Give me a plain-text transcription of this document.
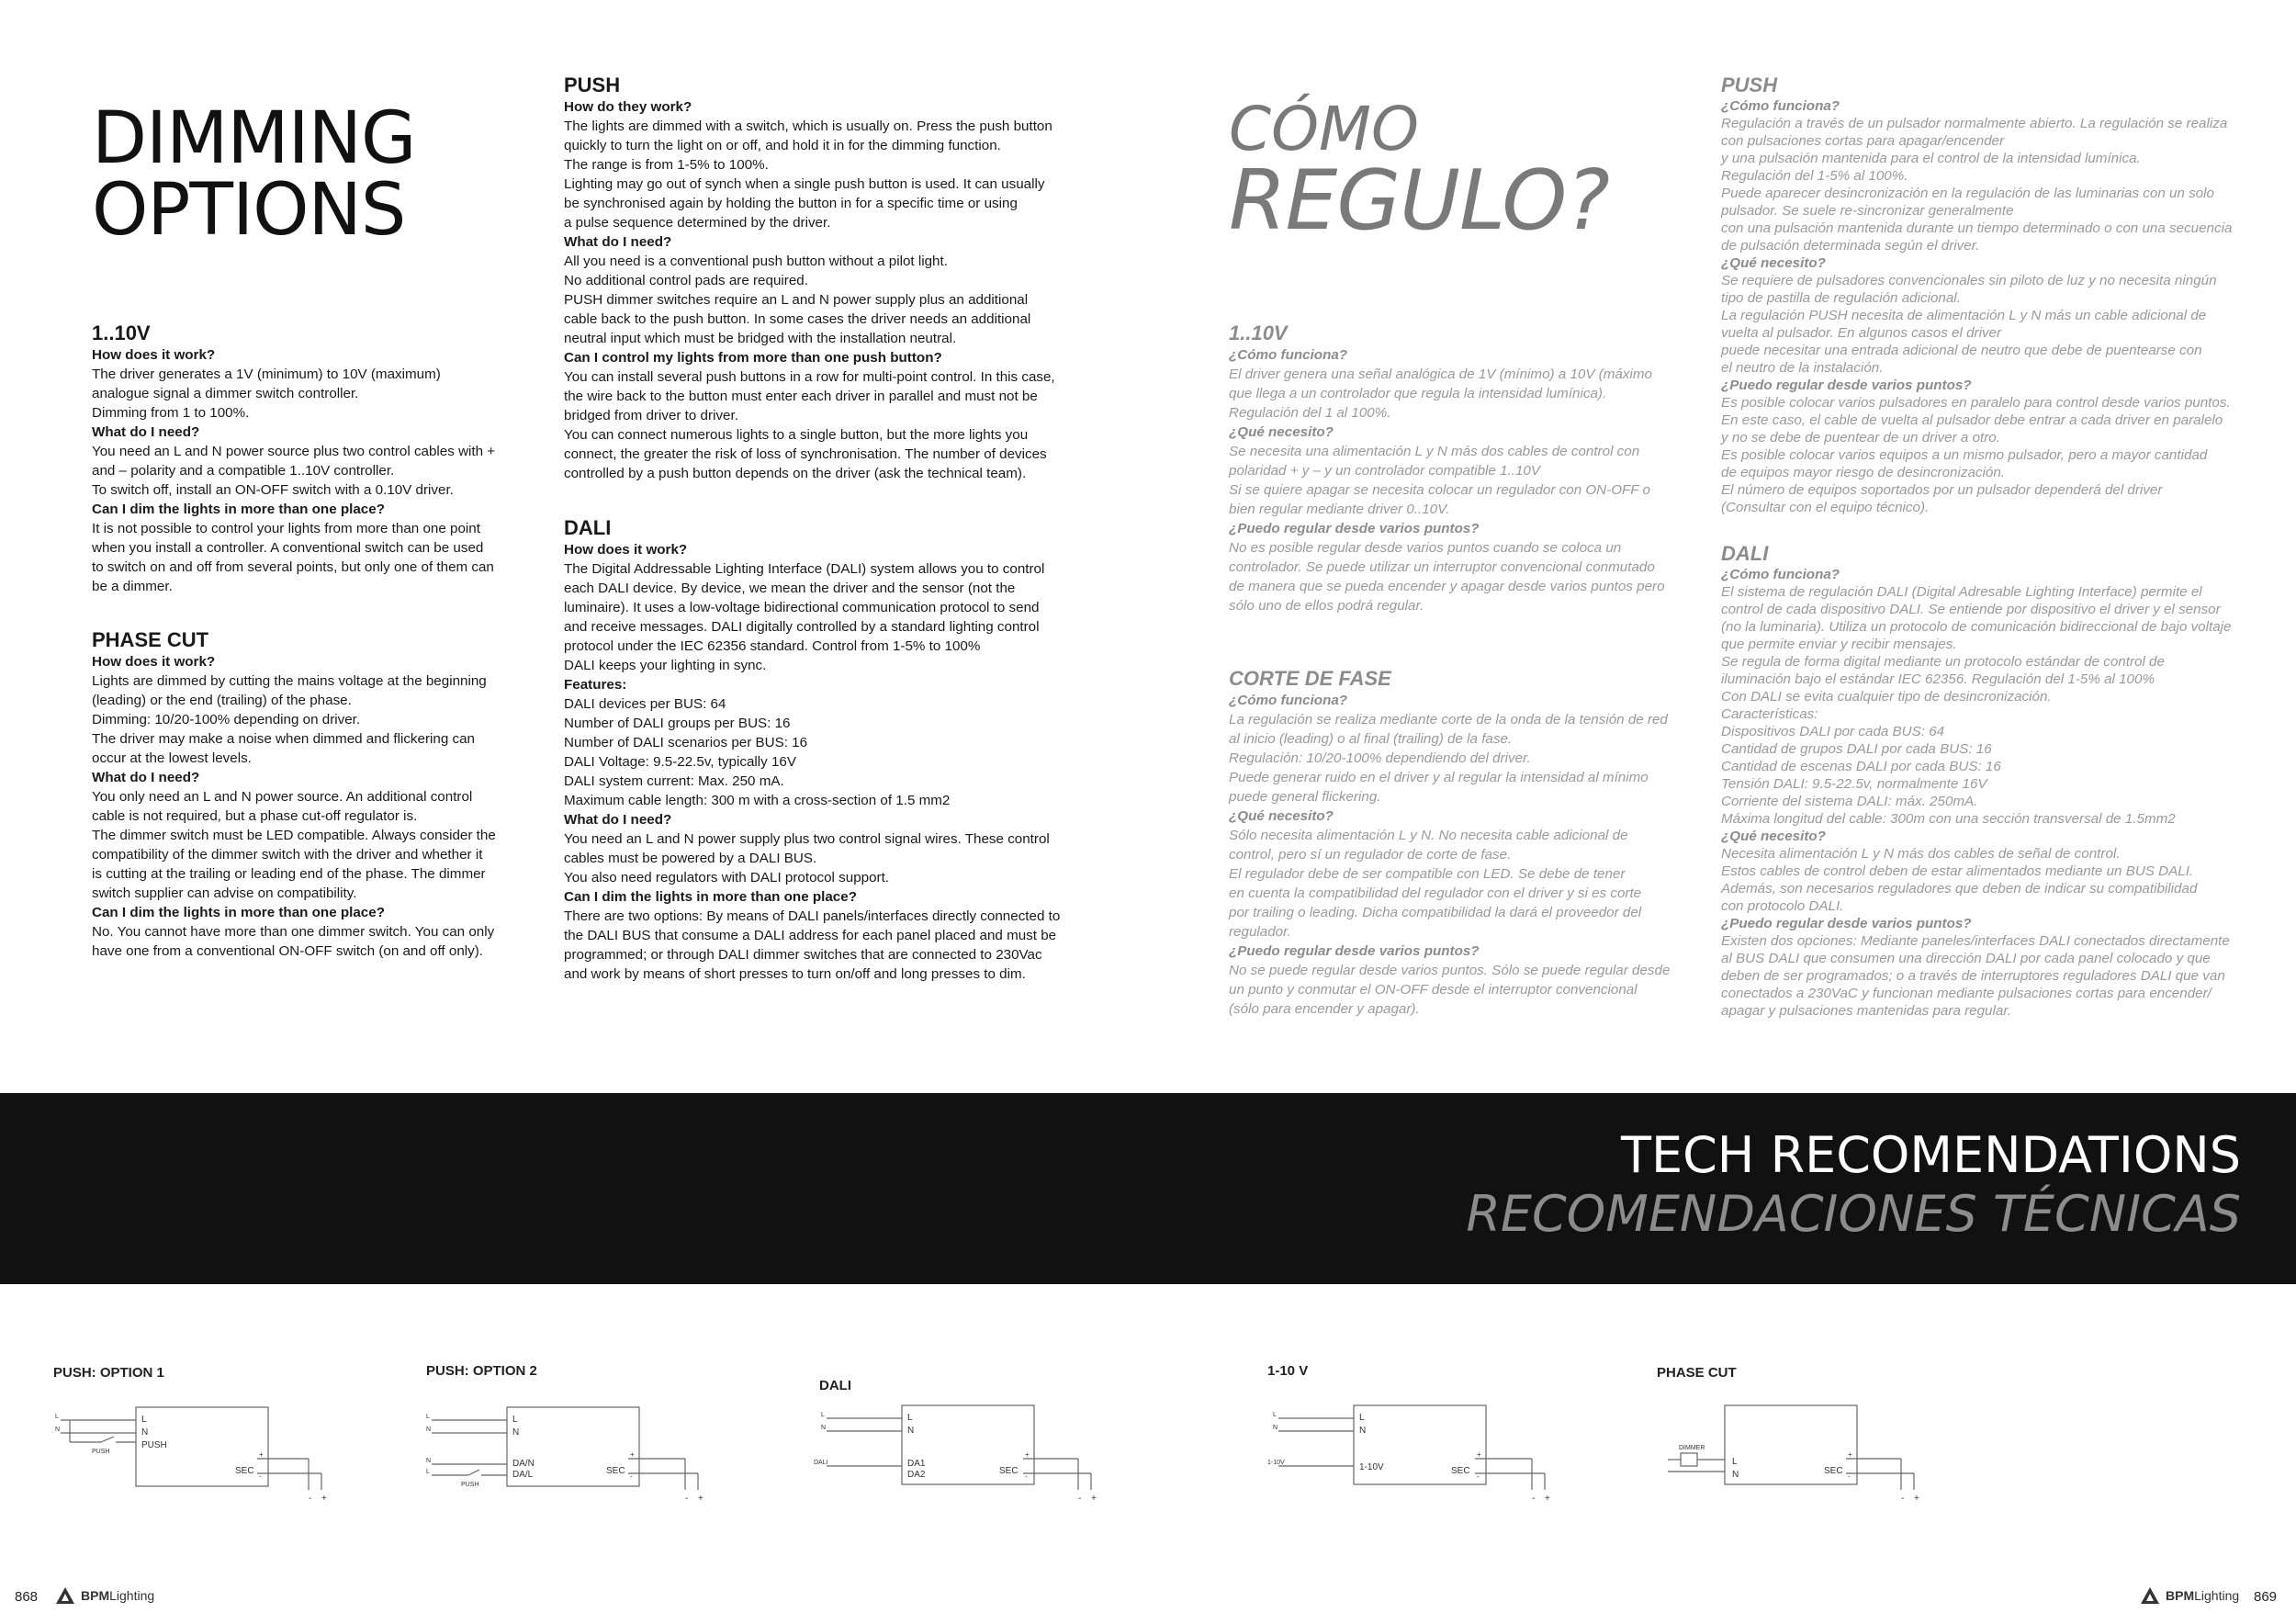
DIMMING
OPTIONS
1..10V

How does it work?

The driver generates a 1V (minimum) to 10V (maximum)
analogue signal a dimmer switch controller.
Dimming from 1 to 100%.

What do I need?

You need an L and N power source plus two control cables with +
and – polarity and a compatible 1..10V controller.
To switch off, install an ON-OFF switch with a 0.10V driver.

Can I dim the lights in more than one place?

It is not possible to control your lights from more than one point
when you install a controller. A conventional switch can be used
to switch on and off from several points, but only one of them can
be a dimmer.

PHASE CUT

How does it work?

Lights are dimmed by cutting the mains voltage at the beginning
(leading) or the end (trailing) of the phase.
Dimming: 10/20-100% depending on driver.
The driver may make a noise when dimmed and flickering can
occur at the lowest levels.

What do I need?

You only need an L and N power source. An additional control
cable is not required, but a phase cut-off regulator is.
The dimmer switch must be LED compatible. Always consider the
compatibility of the dimmer switch with the driver and whether it
is cutting at the trailing or leading end of the phase. The dimmer
switch supplier can advise on compatibility.

Can I dim the lights in more than one place?

No. You cannot have more than one dimmer switch. You can only
have one from a conventional ON-OFF switch (on and off only).

PUSH

How do they work?

The lights are dimmed with a switch, which is usually on. Press the push button
quickly to turn the light on or off, and hold it in for the dimming function.
The range is from 1-5% to 100%.
Lighting may go out of synch when a single push button is used. It can usually
be synchronised again by holding the button in for a specific time or using
a pulse sequence determined by the driver.

What do I need?

All you need is a conventional push button without a pilot light.
No additional control pads are required.
PUSH dimmer switches require an L and N power supply plus an additional
cable back to the push button. In some cases the driver needs an additional
neutral input which must be bridged with the installation neutral.

Can I control my lights from more than one push button?

You can install several push buttons in a row for multi-point control. In this case,
the wire back to the button must enter each driver in parallel and must not be
bridged from driver to driver.
You can connect numerous lights to a single button, but the more lights you
connect, the greater the risk of loss of synchronisation. The number of devices
controlled by a push button depends on the driver (ask the technical team).

DALI

How does it work?

The Digital Addressable Lighting Interface (DALI) system allows you to control
each DALI device. By device, we mean the driver and the sensor (not the
luminaire). It uses a low-voltage bidirectional communication protocol to send
and receive messages. DALI digitally controlled by a standard lighting control
protocol under the IEC 62356 standard. Control from 1-5% to 100%
DALI keeps your lighting in sync.

Features:

DALI devices per BUS: 64
Number of DALI groups per BUS: 16
Number of DALI scenarios per BUS: 16
DALI Voltage: 9.5-22.5v, typically 16V
DALI system current: Max. 250 mA.
Maximum cable length: 300 m with a cross-section of 1.5 mm2

What do I need?

You need an L and N power supply plus two control signal wires. These control
cables must be powered by a DALI BUS.
You also need regulators with DALI protocol support.

Can I dim the lights in more than one place?

There are two options: By means of DALI panels/interfaces directly connected to
the DALI BUS that consume a DALI address for each panel placed and must be
programmed; or through DALI dimmer switches that are connected to 230Vac
and work by means of short presses to turn on/off and long presses to dim.

CÓMO
REGULO?
1..10V

¿Cómo funciona?

El driver genera una señal analógica de 1V (mínimo) a 10V (máximo
que llega a un controlador que regula la intensidad lumínica).
Regulación del 1 al 100%.

¿Qué necesito?

Se necesita una alimentación L y N más dos cables de control con
polaridad + y – y un controlador compatible 1..10V
Si se quiere apagar se necesita colocar un regulador con ON-OFF o
bien regular mediante driver 0..10V.

¿Puedo regular desde varios puntos?

No es posible regular desde varios puntos cuando se coloca un
controlador. Se puede utilizar un interruptor convencional conmutado
de manera que se pueda encender y apagar desde varios puntos pero
sólo uno de ellos podrá regular.

CORTE DE FASE

¿Cómo funciona?

La regulación se realiza mediante corte de la onda de la tensión de red
al inicio (leading) o al final (trailing) de la fase.
Regulación: 10/20-100% dependiendo del driver.
Puede generar ruido en el driver y al regular la intensidad al mínimo
puede general flickering.

¿Qué necesito?

Sólo necesita alimentación L y N. No necesita cable adicional de
control, pero sí un regulador de corte de fase.
El regulador debe de ser compatible con LED. Se debe de tener
en cuenta la compatibilidad del regulador con el driver y si es corte
por trailing o leading. Dicha compatibilidad la dará el proveedor del
regulador.

¿Puedo regular desde varios puntos?

No se puede regular desde varios puntos. Sólo se puede regular desde
un punto y conmutar el ON-OFF desde el interruptor convencional
(sólo para encender y apagar).

PUSH

¿Cómo funciona?

Regulación a través de un pulsador normalmente abierto. La regulación se realiza
con pulsaciones cortas para apagar/encender
y una pulsación mantenida para el control de la intensidad lumínica.
Regulación del 1-5% al 100%.
Puede aparecer desincronización en la regulación de las luminarias con un solo
pulsador. Se suele re-sincronizar generalmente
con una pulsación mantenida durante un tiempo determinado o con una secuencia
de pulsación determinada según el driver.

¿Qué necesito?

Se requiere de pulsadores convencionales sin piloto de luz y no necesita ningún
tipo de pastilla de regulación adicional.
La regulación PUSH necesita de alimentación L y N más un cable adicional de
vuelta al pulsador. En algunos casos el driver
puede necesitar una entrada adicional de neutro que debe de puentearse con
el neutro de la instalación.

¿Puedo regular desde varios puntos?

Es posible colocar varios pulsadores en paralelo para control desde varios puntos.
En este caso, el cable de vuelta al pulsador debe entrar a cada driver en paralelo
y no se debe de puentear de un driver a otro.
Es posible colocar varios equipos a un mismo pulsador, pero a mayor cantidad
de equipos mayor riesgo de desincronización.
El número de equipos soportados por un pulsador dependerá del driver
(Consultar con el equipo técnico).

DALI

¿Cómo funciona?

El sistema de regulación DALI (Digital Adresable Lighting Interface) permite el
control de cada dispositivo DALI. Se entiende por dispositivo el driver y el sensor
(no la luminaria). Utiliza un protocolo de comunicación bidireccional de bajo voltaje
que permite enviar y recibir mensajes.
Se regula de forma digital mediante un protocolo estándar de control de
iluminación bajo el estándar IEC 62356. Regulación del 1-5% al 100%
Con DALI se evita cualquier tipo de desincronización.
Características:
Dispositivos DALI por cada BUS: 64
Cantidad de grupos DALI por cada BUS: 16
Cantidad de escenas DALI por cada BUS: 16
Tensión DALI: 9.5-22.5v, normalmente 16V
Corriente del sistema DALI: máx. 250mA.
Máxima longitud del cable: 300m con una sección transversal de 1.5mm2

¿Qué necesito?

Necesita alimentación L y N más dos cables de señal de control.
Estos cables de control deben de estar alimentados mediante un BUS DALI.
Además, son necesarios reguladores que deben de indicar su compatibilidad
con protocolo DALI.

¿Puedo regular desde varios puntos?

Existen dos opciones: Mediante paneles/interfaces DALI conectados directamente
al BUS DALI que consumen una dirección DALI por cada panel colocado y que
deben de ser programados; o a través de interruptores reguladores DALI que van
conectados a 230VaC y funcionan mediante pulsaciones cortas para encender/
apagar y pulsaciones mantenidas para regular.

TECH RECOMENDATIONS
RECOMENDACIONES TÉCNICAS
PUSH: OPTION 1	PUSH: OPTION 2
DALI
1-10 V	PHASE CUT
L
N
PUSH
SEC
L
N
PUSH
- +
+
-
L
N
DA/N
DA/L	SEC
L
N
N
L
PUSH
- +
+
-
L
N
DA1
DA2	SEC
L
N
DALI
- +
+
-
L
N
1-10V	SEC
L
N
1-10V
- +
+
-
L
N	SEC
DIMMER
- +
+
-
868	BPMLighting	BPMLighting 869
